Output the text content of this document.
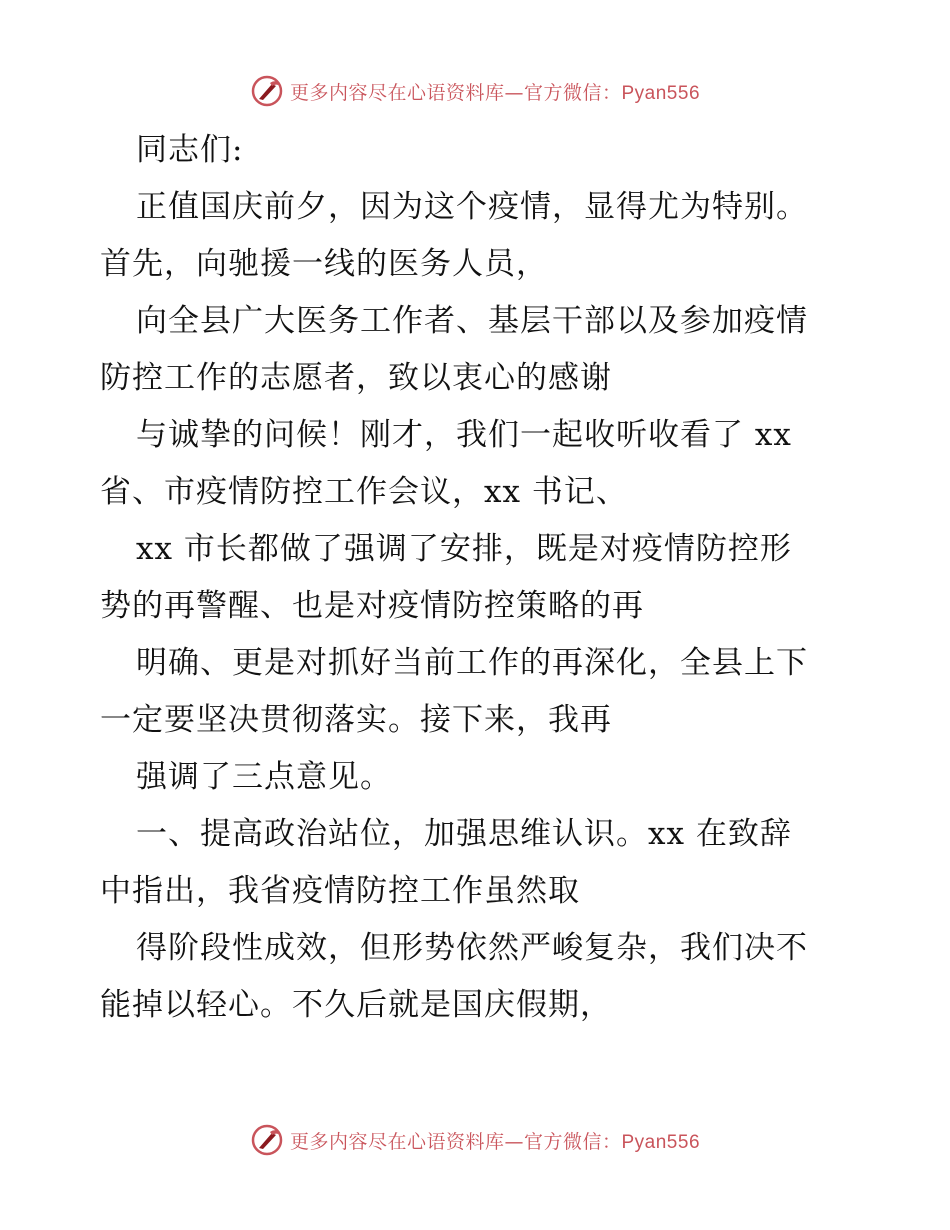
更多内容尽在心语资料库—官方微信：Pyan556
同志们:
正值国庆前夕，因为这个疫情，显得尤为特别。
首先，向驰援一线的医务人员，
向全县广大医务工作者、基层干部以及参加疫情
防控工作的志愿者，致以衷心的感谢
与诚挚的问候！刚才，我们一起收听收看了 xx
省、市疫情防控工作会议，xx 书记、
xx 市长都做了强调了安排，既是对疫情防控形
势的再警醒、也是对疫情防控策略的再
明确、更是对抓好当前工作的再深化，全县上下
一定要坚决贯彻落实。接下来，我再
强调了三点意见。
一、提高政治站位，加强思维认识。xx 在致辞
中指出，我省疫情防控工作虽然取
得阶段性成效，但形势依然严峻复杂，我们决不
能掉以轻心。不久后就是国庆假期，
更多内容尽在心语资料库—官方微信：Pyan556
